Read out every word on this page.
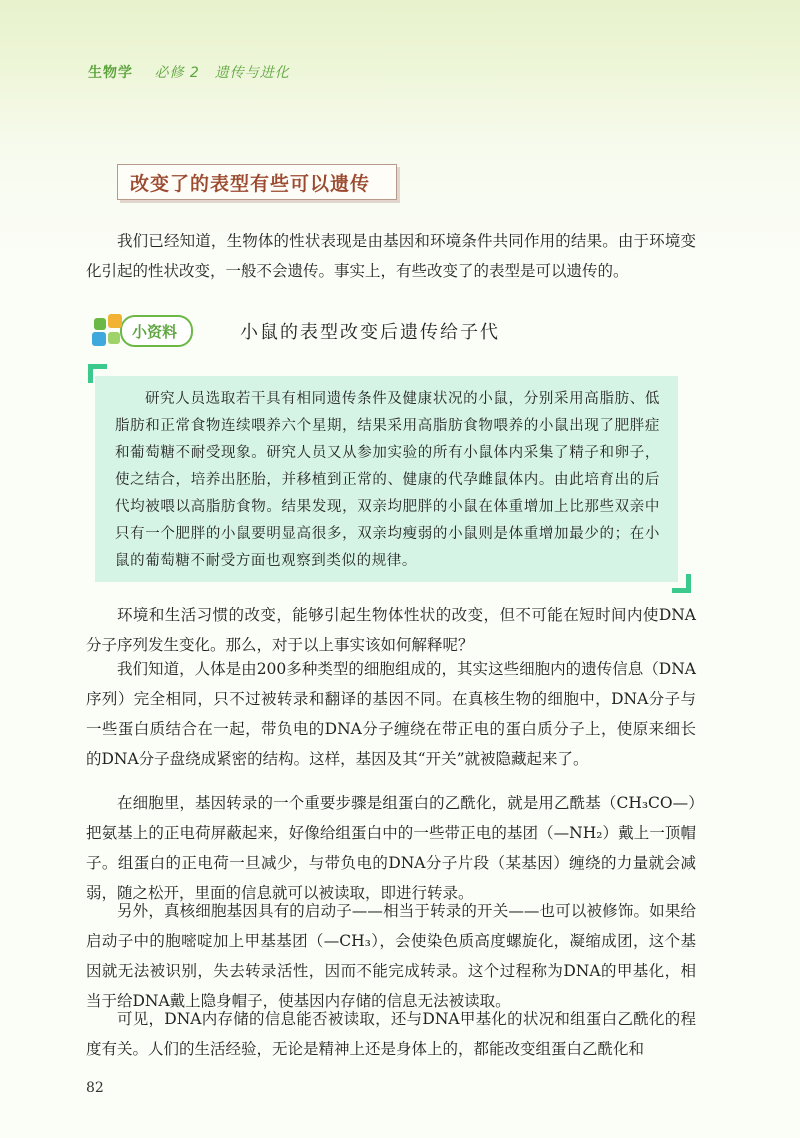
生物学 必修 2　遗传与进化
改变了的表型有些可以遗传

我们已经知道，生物体的性状表现是由基因和环境条件共同作用的结果。由于环境变化引起的性状改变，一般不会遗传。事实上，有些改变了的表型是可以遗传的。

小资料	小鼠的表型改变后遗传给子代

研究人员选取若干具有相同遗传条件及健康状况的小鼠，分别采用高脂肪、低脂肪和正常食物连续喂养六个星期，结果采用高脂肪食物喂养的小鼠出现了肥胖症和葡萄糖不耐受现象。研究人员又从参加实验的所有小鼠体内采集了精子和卵子，使之结合，培养出胚胎，并移植到正常的、健康的代孕雌鼠体内。由此培育出的后代均被喂以高脂肪食物。结果发现，双亲均肥胖的小鼠在体重增加上比那些双亲中只有一个肥胖的小鼠要明显高很多，双亲均瘦弱的小鼠则是体重增加最少的；在小鼠的葡萄糖不耐受方面也观察到类似的规律。

环境和生活习惯的改变，能够引起生物体性状的改变，但不可能在短时间内使DNA分子序列发生变化。那么，对于以上事实该如何解释呢？

我们知道，人体是由200多种类型的细胞组成的，其实这些细胞内的遗传信息（DNA序列）完全相同，只不过被转录和翻译的基因不同。在真核生物的细胞中，DNA分子与一些蛋白质结合在一起，带负电的DNA分子缠绕在带正电的蛋白质分子上，使原来细长的DNA分子盘绕成紧密的结构。这样，基因及其“开关”就被隐藏起来了。

在细胞里，基因转录的一个重要步骤是组蛋白的乙酰化，就是用乙酰基（CH₃CO—）把氨基上的正电荷屏蔽起来，好像给组蛋白中的一些带正电的基团（—NH₂）戴上一顶帽子。组蛋白的正电荷一旦减少，与带负电的DNA分子片段（某基因）缠绕的力量就会减弱，随之松开，里面的信息就可以被读取，即进行转录。

另外，真核细胞基因具有的启动子——相当于转录的开关——也可以被修饰。如果给启动子中的胞嘧啶加上甲基基团（—CH₃），会使染色质高度螺旋化，凝缩成团，这个基因就无法被识别，失去转录活性，因而不能完成转录。这个过程称为DNA的甲基化，相当于给DNA戴上隐身帽子，使基因内存储的信息无法被读取。

可见，DNA内存储的信息能否被读取，还与DNA甲基化的状况和组蛋白乙酰化的程度有关。人们的生活经验，无论是精神上还是身体上的，都能改变组蛋白乙酰化和

82
